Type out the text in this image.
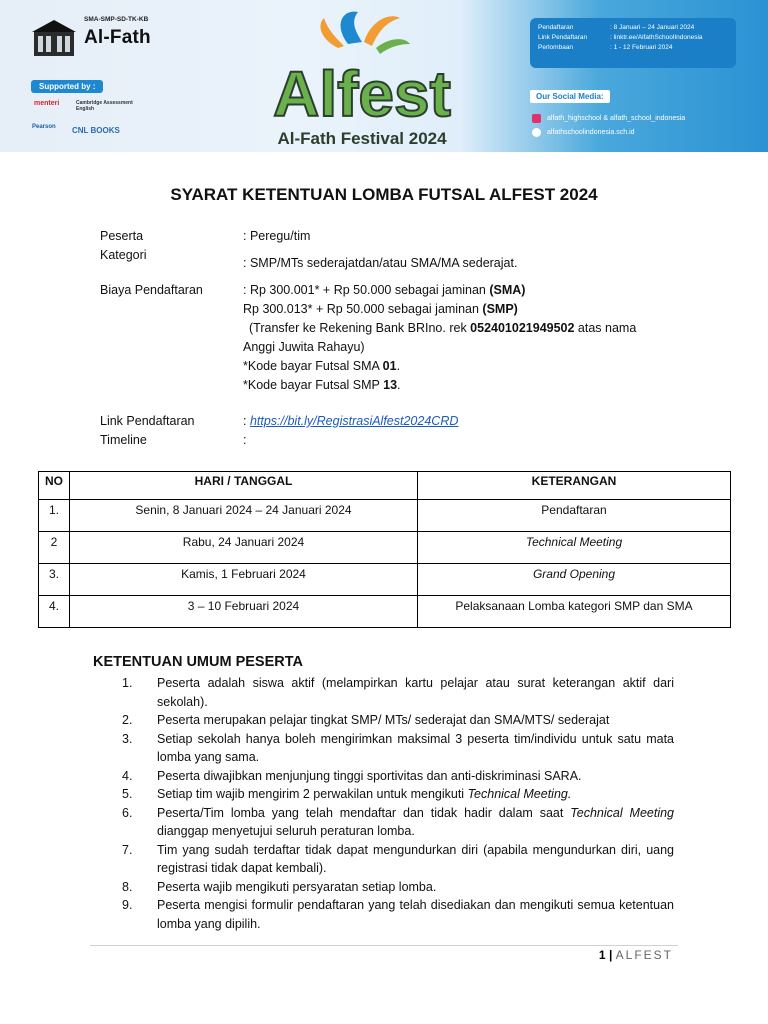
SMA-SMP-SD-TK-KB
Al-Fath
Supported by :
menteri	Cambridge Assessment English
Pearson CNL BOOKS
Alfest
Al-Fath Festival 2024
Pendaftaran	: 8 Januari – 24 Januari 2024
Link Pendaftaran	: linktr.ee/AlfathSchoolIndonesia
Perlombaan	: 1 - 12 Februari 2024
Our Social Media:
alfath_highschool & alfath_school_indonesia
alfathschoolindonesia.sch.id
SYARAT KETENTUAN LOMBA FUTSAL ALFEST 2024
Peserta	: Peregu/tim
Kategori
: SMP/MTs sederajatdan/atau SMA/MA sederajat.
Biaya Pendaftaran	: Rp 300.001* + Rp 50.000 sebagai jaminan (SMA)
Rp 300.013* + Rp 50.000 sebagai jaminan (SMP)
(Transfer ke Rekening Bank BRIno. rek 052401021949502 atas nama
Anggi Juwita Rahayu)
*Kode bayar Futsal SMA 01.
*Kode bayar Futsal SMP 13.
Link Pendaftaran	: https://bit.ly/RegistrasiAlfest2024CRD
Timeline	:
NO	HARI / TANGGAL	KETERANGAN
1.	Senin, 8 Januari 2024 – 24 Januari 2024	Pendaftaran
2	Rabu, 24 Januari 2024	Technical Meeting
3.	Kamis, 1 Februari 2024	Grand Opening
4.	3 – 10 Februari 2024	Pelaksanaan Lomba kategori SMP dan SMA
KETENTUAN UMUM PESERTA
1.	Peserta adalah siswa aktif (melampirkan kartu pelajar atau surat keterangan aktif dari sekolah).
2.	Peserta merupakan pelajar tingkat SMP/ MTs/ sederajat dan SMA/MTS/ sederajat
3.	Setiap sekolah hanya boleh mengirimkan maksimal 3 peserta tim/individu untuk satu mata lomba yang sama.
4.	Peserta diwajibkan menjunjung tinggi sportivitas dan anti-diskriminasi SARA.
5.	Setiap tim wajib mengirim 2 perwakilan untuk mengikuti Technical Meeting.
6.	Peserta/Tim lomba yang telah mendaftar dan tidak hadir dalam saat Technical Meeting dianggap menyetujui seluruh peraturan lomba.
7.	Tim yang sudah terdaftar tidak dapat mengundurkan diri (apabila mengundurkan diri, uang registrasi tidak dapat kembali).
8.	Peserta wajib mengikuti persyaratan setiap lomba.
9.	Peserta mengisi formulir pendaftaran yang telah disediakan dan mengikuti semua ketentuan lomba yang dipilih.
1 | ALFEST
